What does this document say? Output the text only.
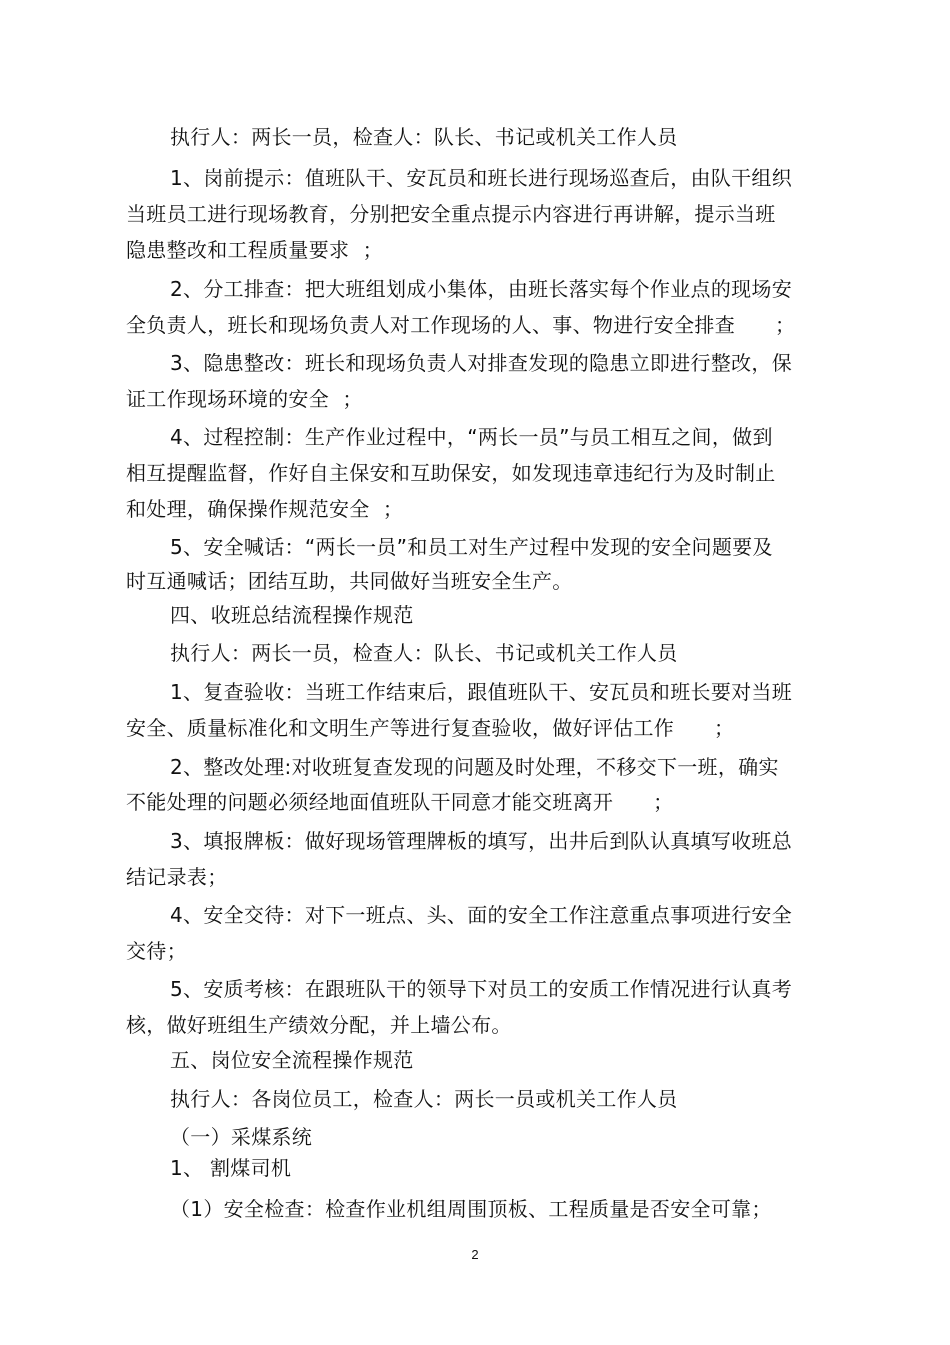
执行人：两长一员，检查人：队长、书记或机关工作人员
1、岗前提示：值班队干、安瓦员和班长进行现场巡查后，由队干组织
当班员工进行现场教育，分别把安全重点提示内容进行再讲解，提示当班
隐患整改和工程质量要求  ；
2、分工排查：把大班组划成小集体，由班长落实每个作业点的现场安
全负责人，班长和现场负责人对工作现场的人、事、物进行安全排查      ；
3、隐患整改：班长和现场负责人对排查发现的隐患立即进行整改，保
证工作现场环境的安全  ；
4、过程控制：生产作业过程中，“两长一员”与员工相互之间，做到
相互提醒监督，作好自主保安和互助保安，如发现违章违纪行为及时制止
和处理，确保操作规范安全  ；
5、安全喊话：“两长一员”和员工对生产过程中发现的安全问题要及
时互通喊话；团结互助，共同做好当班安全生产。
四、收班总结流程操作规范
执行人：两长一员，检查人：队长、书记或机关工作人员
1、复查验收：当班工作结束后，跟值班队干、安瓦员和班长要对当班
安全、质量标准化和文明生产等进行复查验收，做好评估工作      ；
2、整改处理:对收班复查发现的问题及时处理，不移交下一班，确实
不能处理的问题必须经地面值班队干同意才能交班离开      ；
3、填报牌板：做好现场管理牌板的填写，出井后到队认真填写收班总
结记录表；
4、安全交待：对下一班点、头、面的安全工作注意重点事项进行安全
交待；
5、安质考核：在跟班队干的领导下对员工的安质工作情况进行认真考
核，做好班组生产绩效分配，并上墙公布。
五、岗位安全流程操作规范
执行人：各岗位员工，检查人：两长一员或机关工作人员
（一）采煤系统
1、 割煤司机
（1）安全检查：检查作业机组周围顶板、工程质量是否安全可靠；
2
